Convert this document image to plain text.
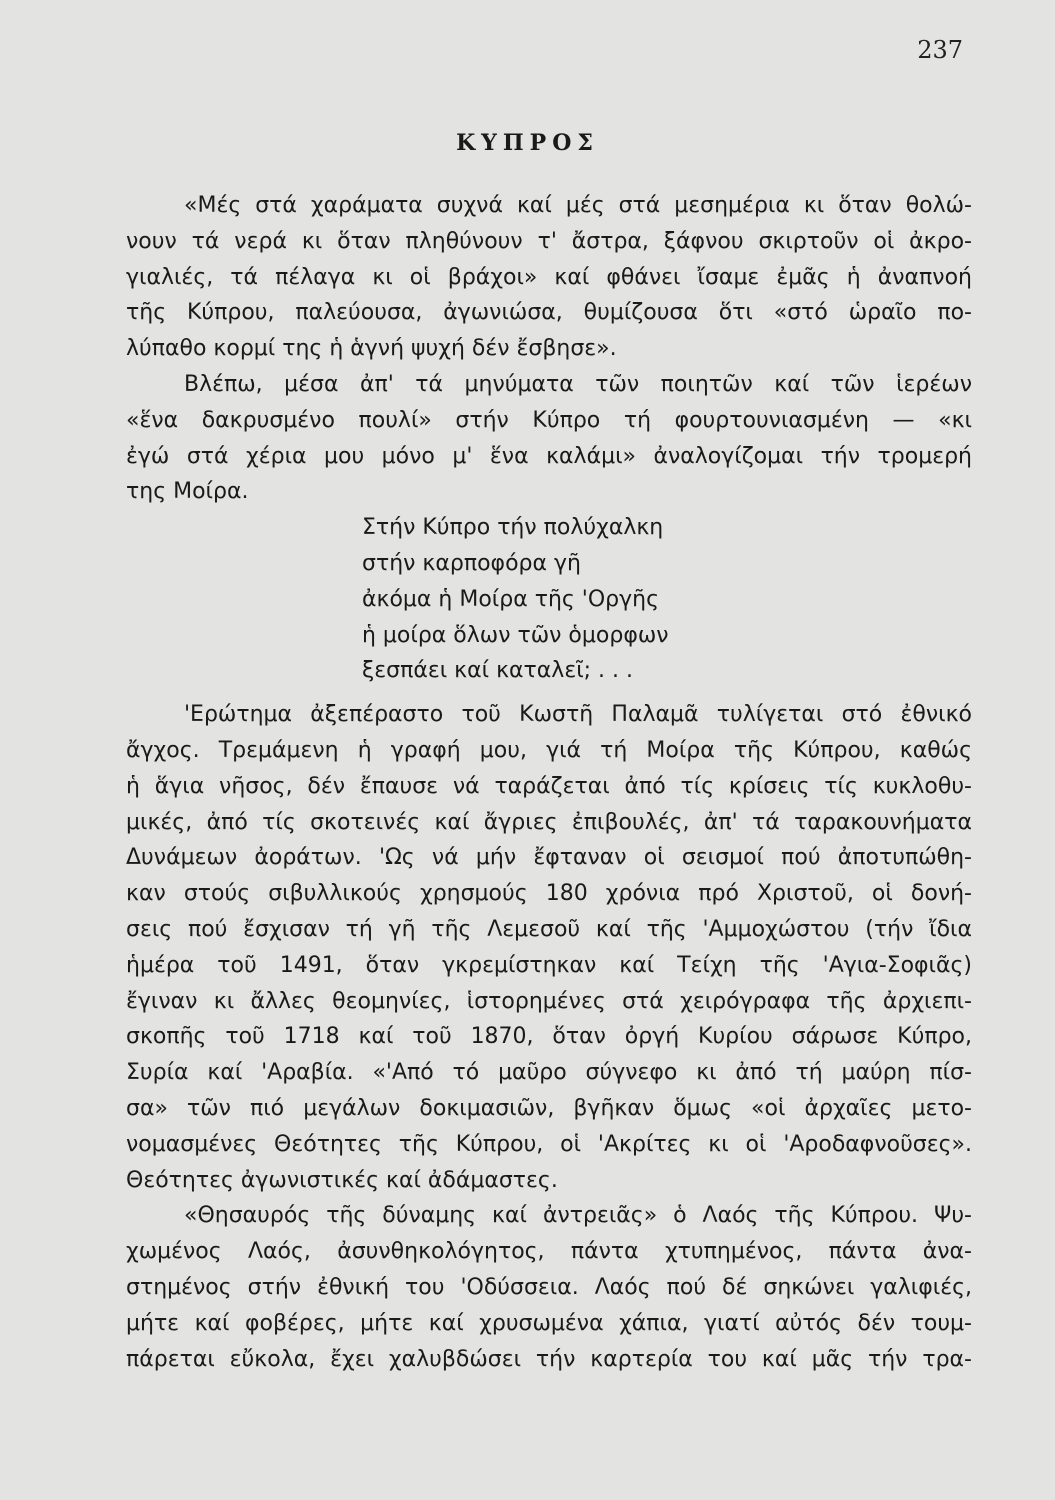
237
ΚΥΠΡΟΣ
«Μές στά χαράματα συχνά καί μές στά μεσημέρια κι ὅταν θολώ-
νουν τά νερά κι ὅταν πληθύνουν τ' ἄστρα, ξάφνου σκιρτοῦν οἱ ἀκρο-
γιαλιές, τά πέλαγα κι οἱ βράχοι» καί φθάνει ἴσαμε ἐμᾶς ἡ ἀναπνοή
τῆς Κύπρου, παλεύουσα, ἀγωνιώσα, θυμίζουσα ὅτι «στό ὡραῖο πο-
λύπαθο κορμί της ἡ ἁγνή ψυχή δέν ἔσβησε».
Βλέπω, μέσα ἀπ' τά μηνύματα τῶν ποιητῶν καί τῶν ἱερέων
«ἕνα δακρυσμένο πουλί» στήν Κύπρο τή φουρτουνιασμένη — «κι
ἐγώ στά χέρια μου μόνο μ' ἕνα καλάμι» ἀναλογίζομαι τήν τρομερή
της Μοίρα.
Στήν Κύπρο τήν πολύχαλκη
στήν καρποφόρα γῆ
ἀκόμα ἡ Μοίρα τῆς 'Οργῆς
ἡ μοίρα ὅλων τῶν ὁμορφων
ξεσπάει καί καταλεῖ; . . .
'Ερώτημα ἀξεπέραστο τοῦ Κωστῆ Παλαμᾶ τυλίγεται στό ἐθνικό
ἄγχος. Τρεμάμενη ἡ γραφή μου, γιά τή Μοίρα τῆς Κύπρου, καθώς
ἡ ἅγια νῆσος, δέν ἔπαυσε νά ταράζεται ἀπό τίς κρίσεις τίς κυκλοθυ-
μικές, ἀπό τίς σκοτεινές καί ἄγριες ἐπιβουλές, ἀπ' τά ταρακουνήματα
Δυνάμεων ἀοράτων. 'Ως νά μήν ἔφταναν οἱ σεισμοί πού ἀποτυπώθη-
καν στούς σιβυλλικούς χρησμούς 180 χρόνια πρό Χριστοῦ, οἱ δονή-
σεις πού ἔσχισαν τή γῆ τῆς Λεμεσοῦ καί τῆς 'Αμμοχώστου (τήν ἴδια
ἡμέρα τοῦ 1491, ὅταν γκρεμίστηκαν καί Τείχη τῆς 'Αγια-Σοφιᾶς)
ἔγιναν κι ἄλλες θεομηνίες, ἱστορημένες στά χειρόγραφα τῆς ἀρχιεπι-
σκοπῆς τοῦ 1718 καί τοῦ 1870, ὅταν ὀργή Κυρίου σάρωσε Κύπρο,
Συρία καί 'Αραβία. «'Από τό μαῦρο σύγνεφο κι ἀπό τή μαύρη πίσ-
σα» τῶν πιό μεγάλων δοκιμασιῶν, βγῆκαν ὅμως «οἱ ἀρχαῖες μετο-
νομασμένες Θεότητες τῆς Κύπρου, οἱ 'Ακρίτες κι οἱ 'Αροδαφνοῦσες».
Θεότητες ἀγωνιστικές καί ἀδάμαστες.
«Θησαυρός τῆς δύναμης καί ἀντρειᾶς» ὁ Λαός τῆς Κύπρου. Ψυ-
χωμένος Λαός, ἀσυνθηκολόγητος, πάντα χτυπημένος, πάντα ἀνα-
στημένος στήν ἐθνική του 'Οδύσσεια. Λαός πού δέ σηκώνει γαλιφιές,
μήτε καί φοβέρες, μήτε καί χρυσωμένα χάπια, γιατί αὐτός δέν τουμ-
πάρεται εὔκολα, ἔχει χαλυβδώσει τήν καρτερία του καί μᾶς τήν τρα-
